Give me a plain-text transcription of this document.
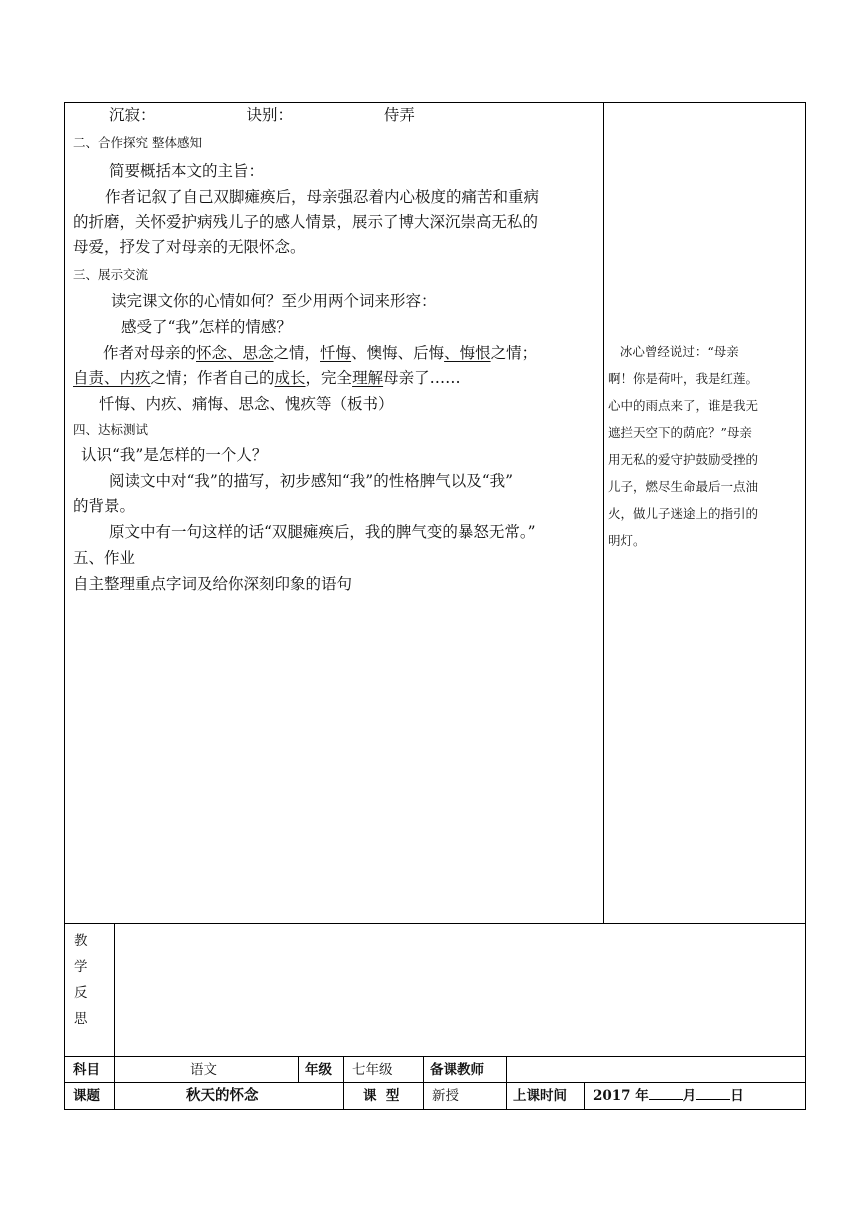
沉寂：	诀别：	侍弄
二、合作探究 整体感知
简要概括本文的主旨：
作者记叙了自己双脚瘫痪后，母亲强忍着内心极度的痛苦和重病
的折磨，关怀爱护病残儿子的感人情景，展示了博大深沉崇高无私的
母爱，抒发了对母亲的无限怀念。
三、展示交流
读完课文你的心情如何？至少用两个词来形容：
感受了“我”怎样的情感？
作者对母亲的怀念、思念之情，忏悔、懊悔、后悔、悔恨之情；
自责、内疚之情；作者自己的成长，完全理解母亲了……
忏悔、内疚、痛悔、思念、愧疚等（板书）
四、达标测试
认识“我”是怎样的一个人？
阅读文中对“我”的描写，初步感知“我”的性格脾气以及“我”
的背景。
原文中有一句这样的话“双腿瘫痪后，我的脾气变的暴怒无常。”
五、作业
自主整理重点字词及给你深刻印象的语句
冰心曾经说过：“母亲
啊！你是荷叶，我是红莲。
心中的雨点来了，谁是我无
遮拦天空下的荫庇？”母亲
用无私的爱守护鼓励受挫的
儿子，燃尽生命最后一点油
火，做儿子迷途上的指引的
明灯。
教
学
反
思
科目	语文	年级 七年级	备课教师
课题	秋天的怀念	课  型 新授	上课时间 2017 年	月	日
